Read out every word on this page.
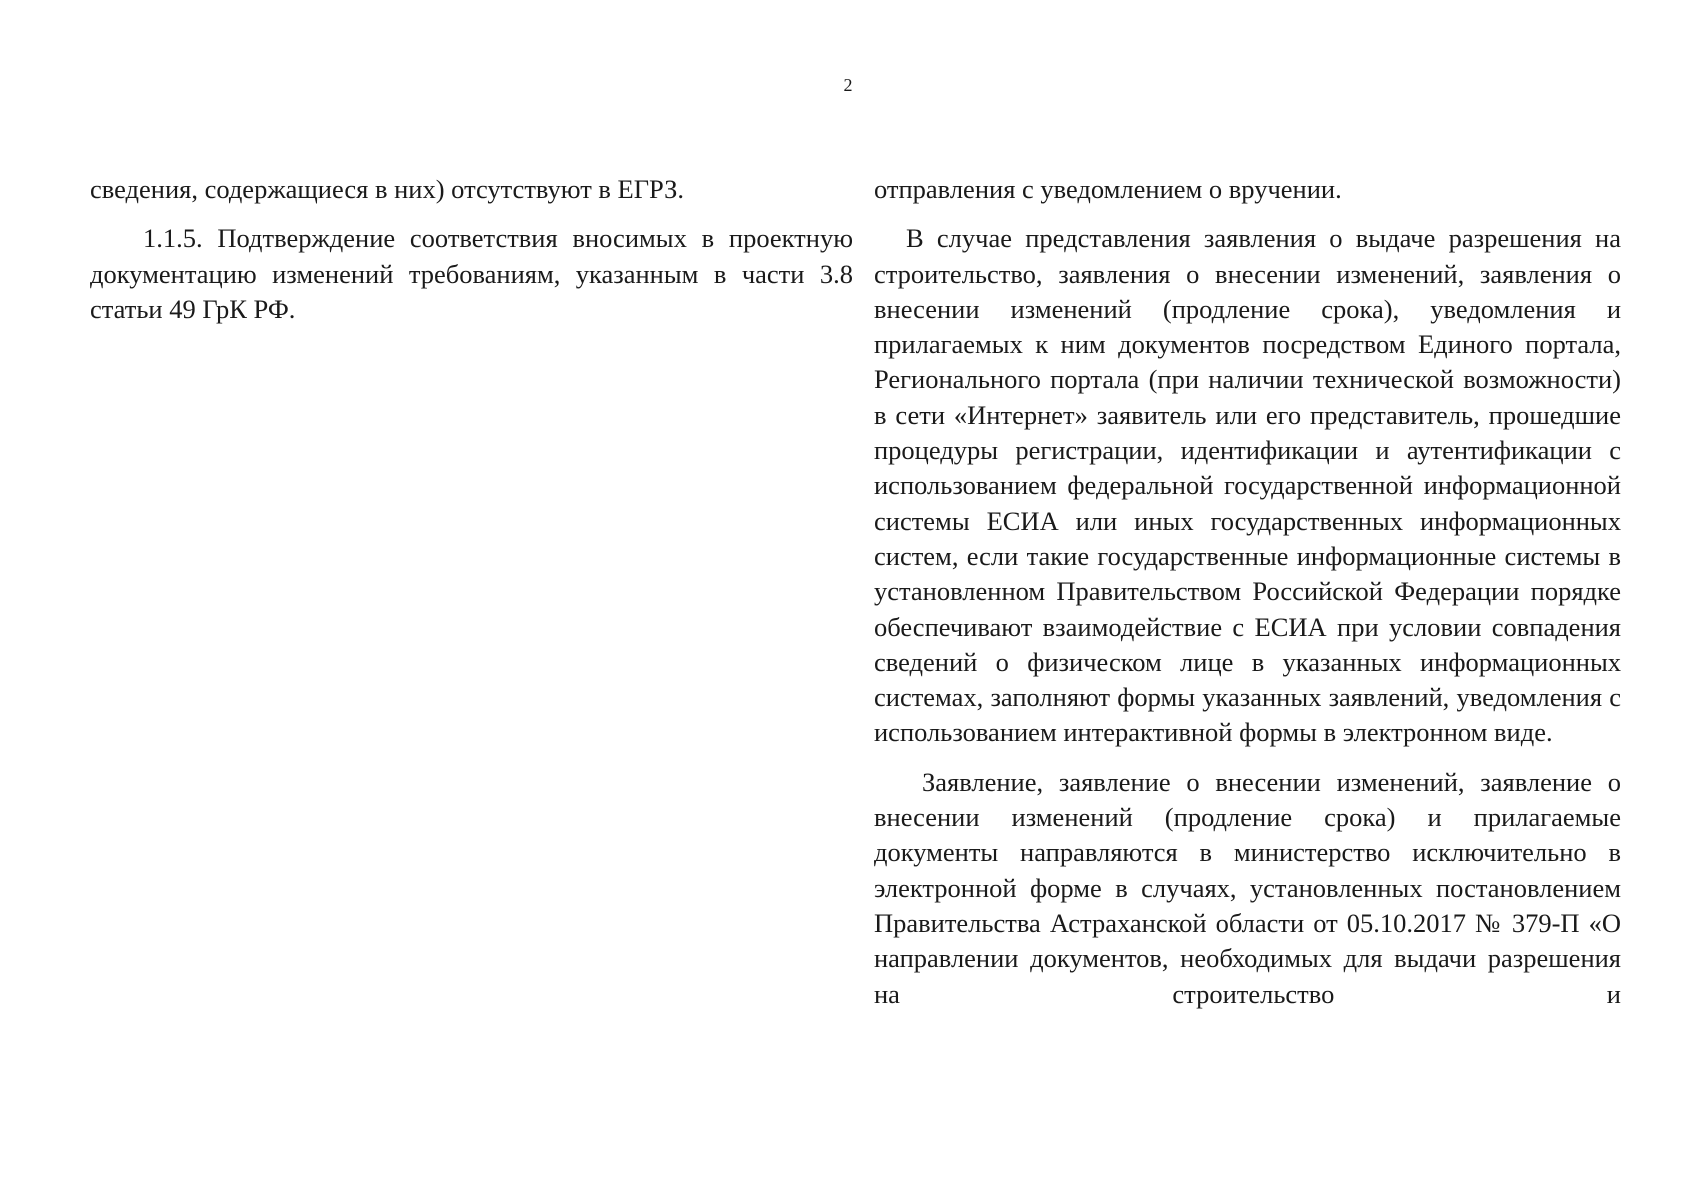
2

сведения, содержащиеся в них) отсутствуют в ЕГРЗ.

1.1.5. Подтверждение соответствия вносимых в проектную документацию изменений требованиям, указанным в части 3.8 статьи 49 ГрК РФ.

отправления с уведомлением о вручении.

В случае представления заявления о выдаче разрешения на строительство, заявления о внесении изменений, заявления о внесении изменений (продление срока), уведомления и прилагаемых к ним документов посредством Единого портала, Регионального портала (при наличии технической возможности) в сети «Интернет» заявитель или его представитель, прошедшие процедуры регистрации, идентификации и аутентификации с использованием федеральной государственной информационной системы ЕСИА или иных государственных информационных систем, если такие государственные информационные системы в установленном Правительством Российской Федерации порядке обеспечивают взаимодействие с ЕСИА при условии совпадения сведений о физическом лице в указанных информационных системах, заполняют формы указанных заявлений, уведомления с использованием интерактивной формы в электронном виде.

Заявление, заявление о внесении изменений, заявление о внесении изменений (продление срока) и прилагаемые документы направляются в министерство исключительно в электронной форме в случаях, установленных постановлением Правительства Астраханской области от 05.10.2017 № 379-П «О направлении документов, необходимых для выдачи разрешения на строительство и
